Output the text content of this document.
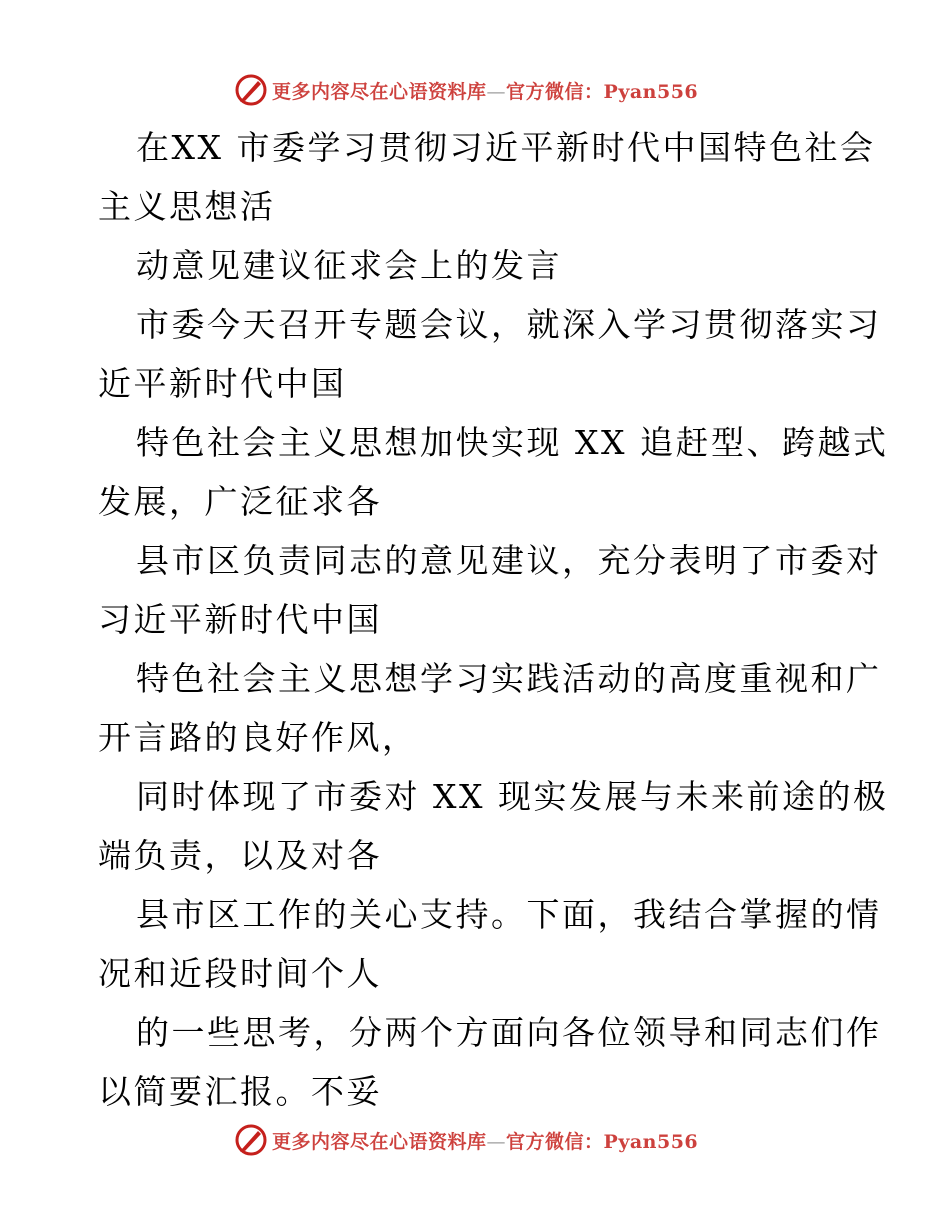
更多内容尽在心语资料库—官方微信：Pyan556

在XX 市委学习贯彻习近平新时代中国特色社会
主义思想活

动意见建议征求会上的发言

市委今天召开专题会议，就深入学习贯彻落实习
近平新时代中国

特色社会主义思想加快实现 XX 追赶型、跨越式
发展，广泛征求各

县市区负责同志的意见建议，充分表明了市委对
习近平新时代中国

特色社会主义思想学习实践活动的高度重视和广
开言路的良好作风，

同时体现了市委对 XX 现实发展与未来前途的极
端负责，以及对各

县市区工作的关心支持。下面，我结合掌握的情
况和近段时间个人

的一些思考，分两个方面向各位领导和同志们作
以简要汇报。不妥

更多内容尽在心语资料库—官方微信：Pyan556
